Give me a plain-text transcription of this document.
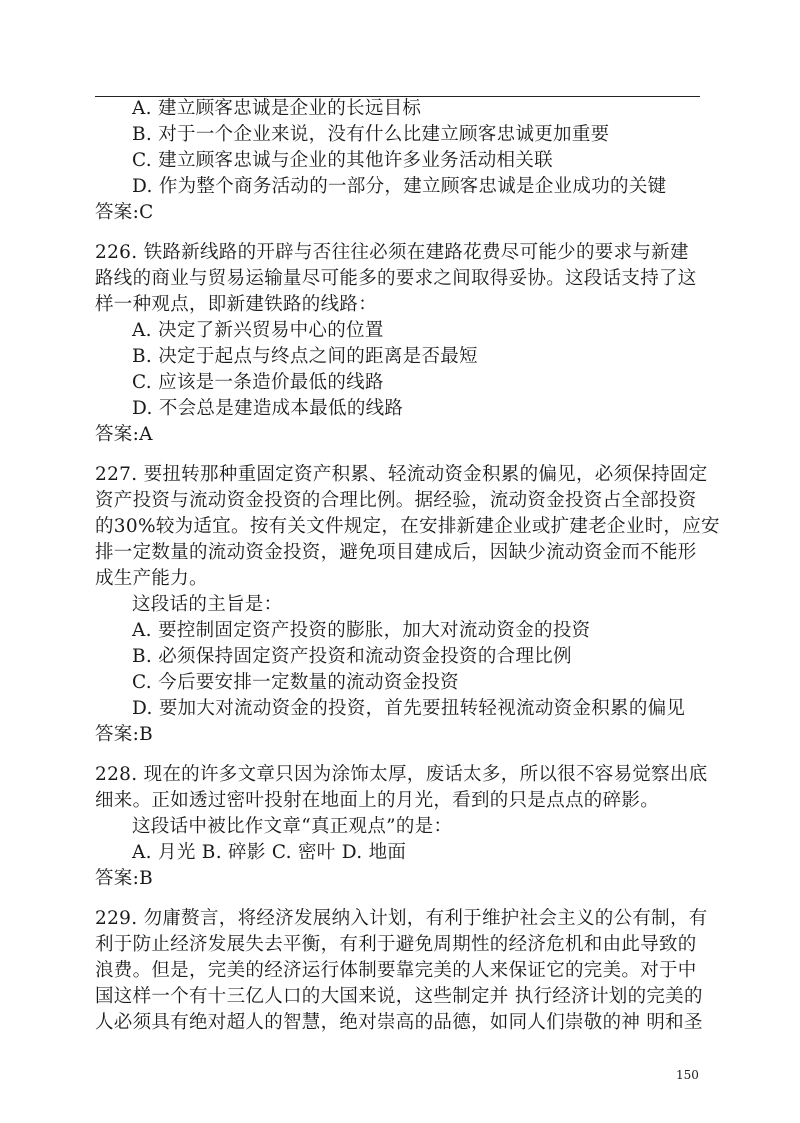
A. 建立顾客忠诚是企业的长远目标
B. 对于一个企业来说，没有什么比建立顾客忠诚更加重要
C. 建立顾客忠诚与企业的其他许多业务活动相关联
D. 作为整个商务活动的一部分，建立顾客忠诚是企业成功的关键
答案:C
226. 铁路新线路的开辟与否往往必须在建路花费尽可能少的要求与新建
路线的商业与贸易运输量尽可能多的要求之间取得妥协。这段话支持了这
样一种观点，即新建铁路的线路：
A. 决定了新兴贸易中心的位置
B. 决定于起点与终点之间的距离是否最短
C. 应该是一条造价最低的线路
D. 不会总是建造成本最低的线路
答案:A
227. 要扭转那种重固定资产积累、轻流动资金积累的偏见，必须保持固定
资产投资与流动资金投资的合理比例。据经验，流动资金投资占全部投资
的30%较为适宜。按有关文件规定，在安排新建企业或扩建老企业时，应安
排一定数量的流动资金投资，避免项目建成后，因缺少流动资金而不能形
成生产能力。
这段话的主旨是：
A. 要控制固定资产投资的膨胀，加大对流动资金的投资
B. 必须保持固定资产投资和流动资金投资的合理比例
C. 今后要安排一定数量的流动资金投资
D. 要加大对流动资金的投资，首先要扭转轻视流动资金积累的偏见
答案:B
228. 现在的许多文章只因为涂饰太厚，废话太多，所以很不容易觉察出底
细来。正如透过密叶投射在地面上的月光，看到的只是点点的碎影。
这段话中被比作文章“真正观点”的是：
A. 月光 B. 碎影 C. 密叶 D. 地面
答案:B
229. 勿庸赘言，将经济发展纳入计划，有利于维护社会主义的公有制，有
利于防止经济发展失去平衡，有利于避免周期性的经济危机和由此导致的
浪费。但是，完美的经济运行体制要靠完美的人来保证它的完美。对于中
国这样一个有十三亿人口的大国来说，这些制定并 执行经济计划的完美的
人必须具有绝对超人的智慧，绝对崇高的品德，如同人们崇敬的神 明和圣
150
